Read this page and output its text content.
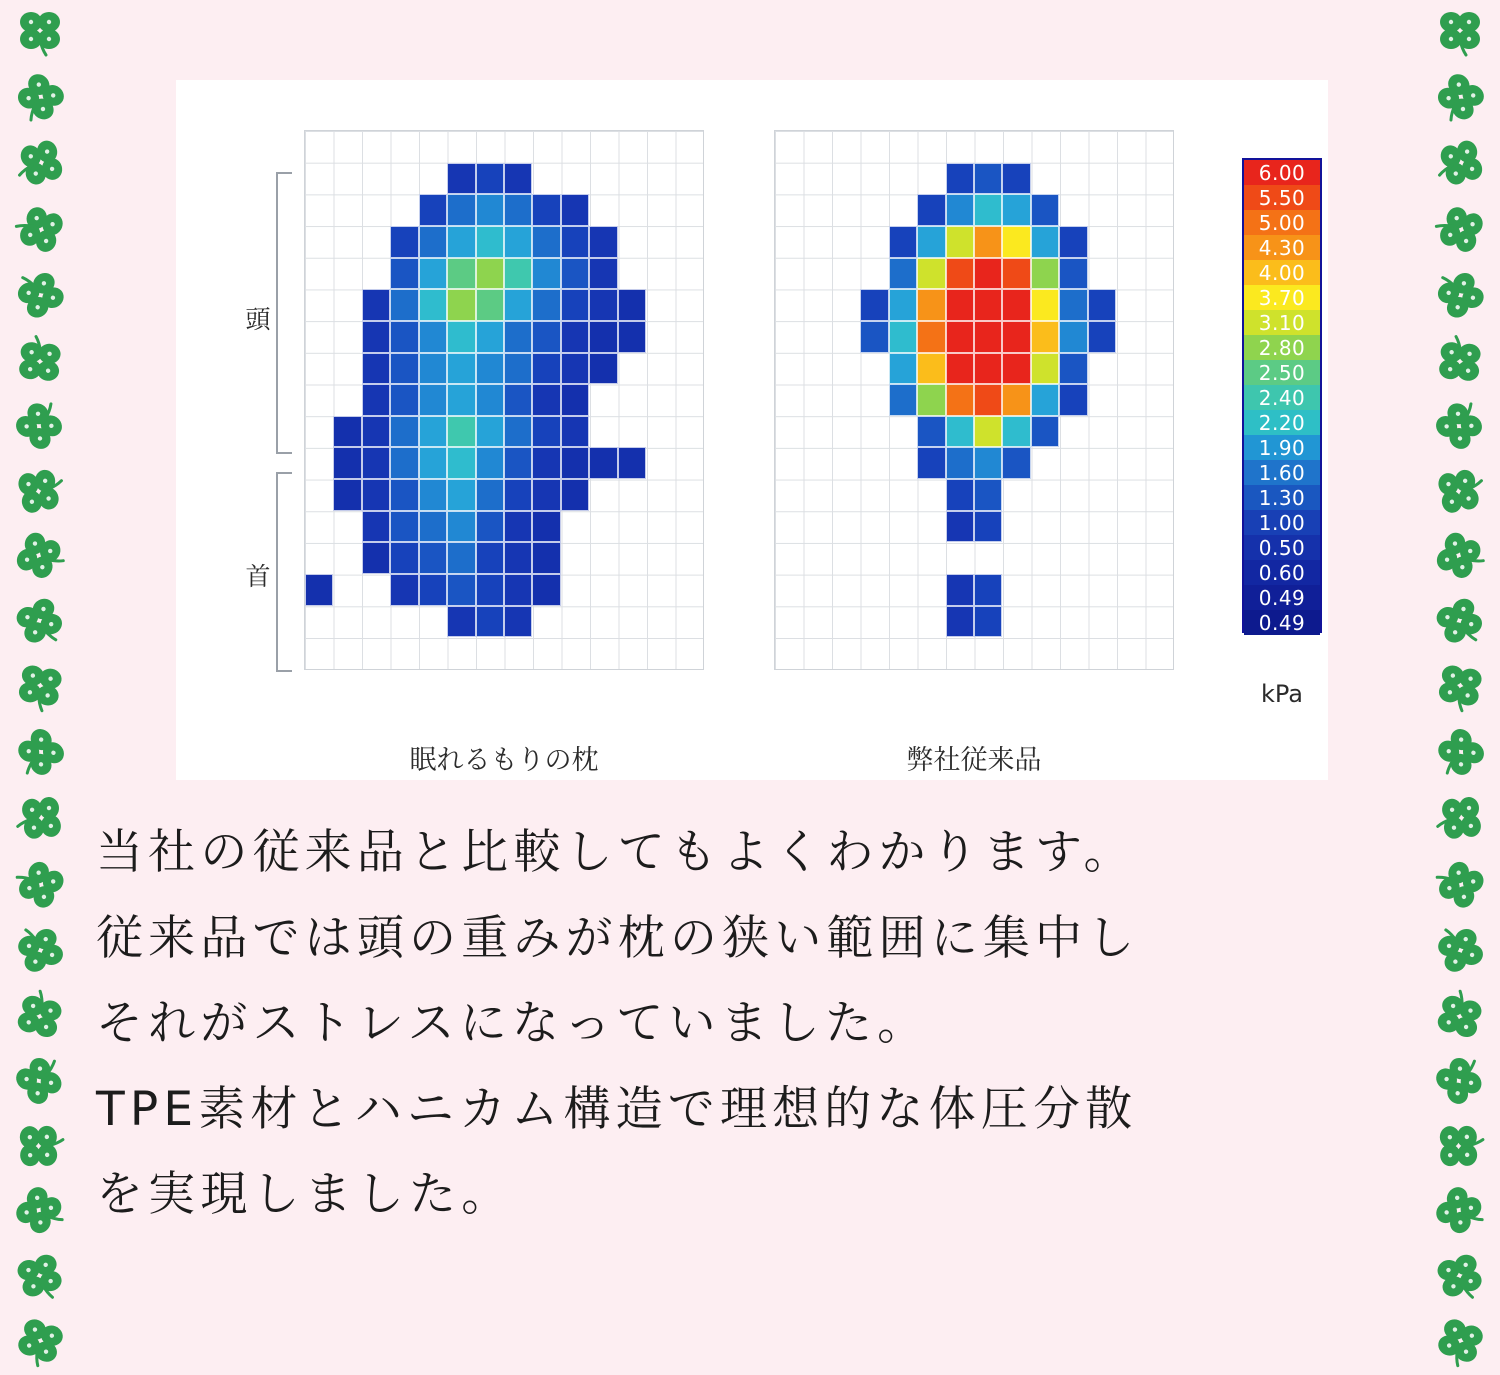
頭
首
眠れるもりの枕	弊社従来品
6.00
5.50
5.00
4.30
4.00
3.70
3.10
2.80
2.50
2.40
2.20
1.90
1.60
1.30
1.00
0.50
0.60
0.49
0.49
kPa

当社の従来品と比較してもよくわかります。

従来品では頭の重みが枕の狭い範囲に集中し

それがストレスになっていました。

TPE素材とハニカム構造で理想的な体圧分散

を実現しました。
